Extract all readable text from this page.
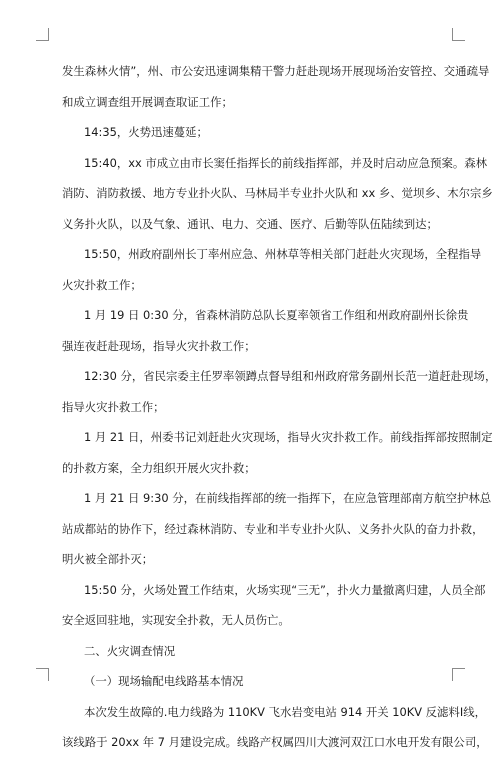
发生森林火情”，州、市公安迅速调集精干警力赶赴现场开展现场治安管控、交通疏导
和成立调查组开展调查取证工作；
14:35，火势迅速蔓延；
15:40，xx 市成立由市长窦任指挥长的前线指挥部，并及时启动应急预案。森林
消防、消防救援、地方专业扑火队、马林局半专业扑火队和 xx 乡、觉坝乡、木尔宗乡
义务扑火队，以及气象、通讯、电力、交通、医疗、后勤等队伍陆续到达；
15:50，州政府副州长丁率州应急、州林草等相关部门赶赴火灾现场，全程指导
火灾扑救工作；
1 月 19 日 0:30 分，省森林消防总队长夏率领省工作组和州政府副州长徐贵
强连夜赶赴现场，指导火灾扑救工作；
12:30 分，省民宗委主任罗率领蹲点督导组和州政府常务副州长范一道赶赴现场，
指导火灾扑救工作；
1 月 21 日，州委书记刘赶赴火灾现场，指导火灾扑救工作。前线指挥部按照制定
的扑救方案，全力组织开展火灾扑救；
1 月 21 日 9:30 分，在前线指挥部的统一指挥下，在应急管理部南方航空护林总
站成都站的协作下，经过森林消防、专业和半专业扑火队、义务扑火队的奋力扑救，
明火被全部扑灭；
15:50 分，火场处置工作结束，火场实现“三无”，扑火力量撤离归建，人员全部
安全返回驻地，实现安全扑救，无人员伤亡。
二、火灾调查情况
（一）现场输配电线路基本情况
本次发生故障的.电力线路为 110KV 飞水岩变电站 914 开关 10KV 反滤料Ⅰ线，
该线路于 20xx 年 7 月建设完成。线路产权属四川大渡河双江口水电开发有限公司，
